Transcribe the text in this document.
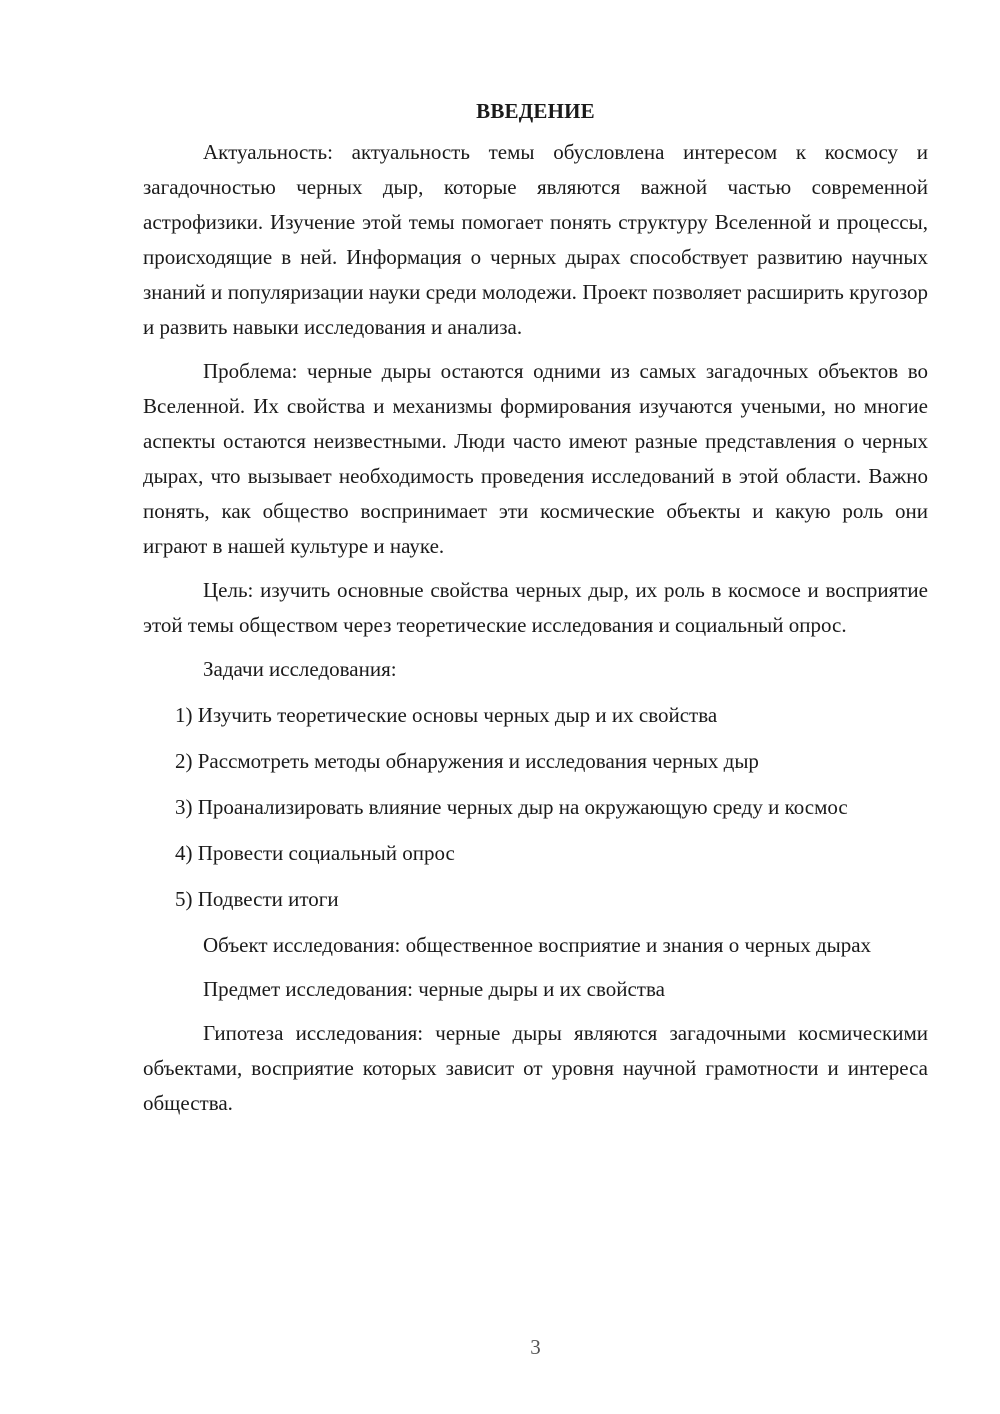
ВВЕДЕНИЕ

Актуальность: актуальность темы обусловлена интересом к космосу и загадочностью черных дыр, которые являются важной частью современной астрофизики. Изучение этой темы помогает понять структуру Вселенной и процессы, происходящие в ней. Информация о черных дырах способствует развитию научных знаний и популяризации науки среди молодежи. Проект позволяет расширить кругозор и развить навыки исследования и анализа.

Проблема: черные дыры остаются одними из самых загадочных объектов во Вселенной. Их свойства и механизмы формирования изучаются учеными, но многие аспекты остаются неизвестными. Люди часто имеют разные представления о черных дырах, что вызывает необходимость проведения исследований в этой области. Важно понять, как общество воспринимает эти космические объекты и какую роль они играют в нашей культуре и науке.

Цель: изучить основные свойства черных дыр, их роль в космосе и восприятие этой темы обществом через теоретические исследования и социальный опрос.

Задачи исследования:

1) Изучить теоретические основы черных дыр и их свойства

2) Рассмотреть методы обнаружения и исследования черных дыр

3) Проанализировать влияние черных дыр на окружающую среду и космос

4) Провести социальный опрос

5) Подвести итоги

Объект исследования: общественное восприятие и знания о черных дырах

Предмет исследования: черные дыры и их свойства

Гипотеза исследования: черные дыры являются загадочными космическими объектами, восприятие которых зависит от уровня научной грамотности и интереса общества.

3
